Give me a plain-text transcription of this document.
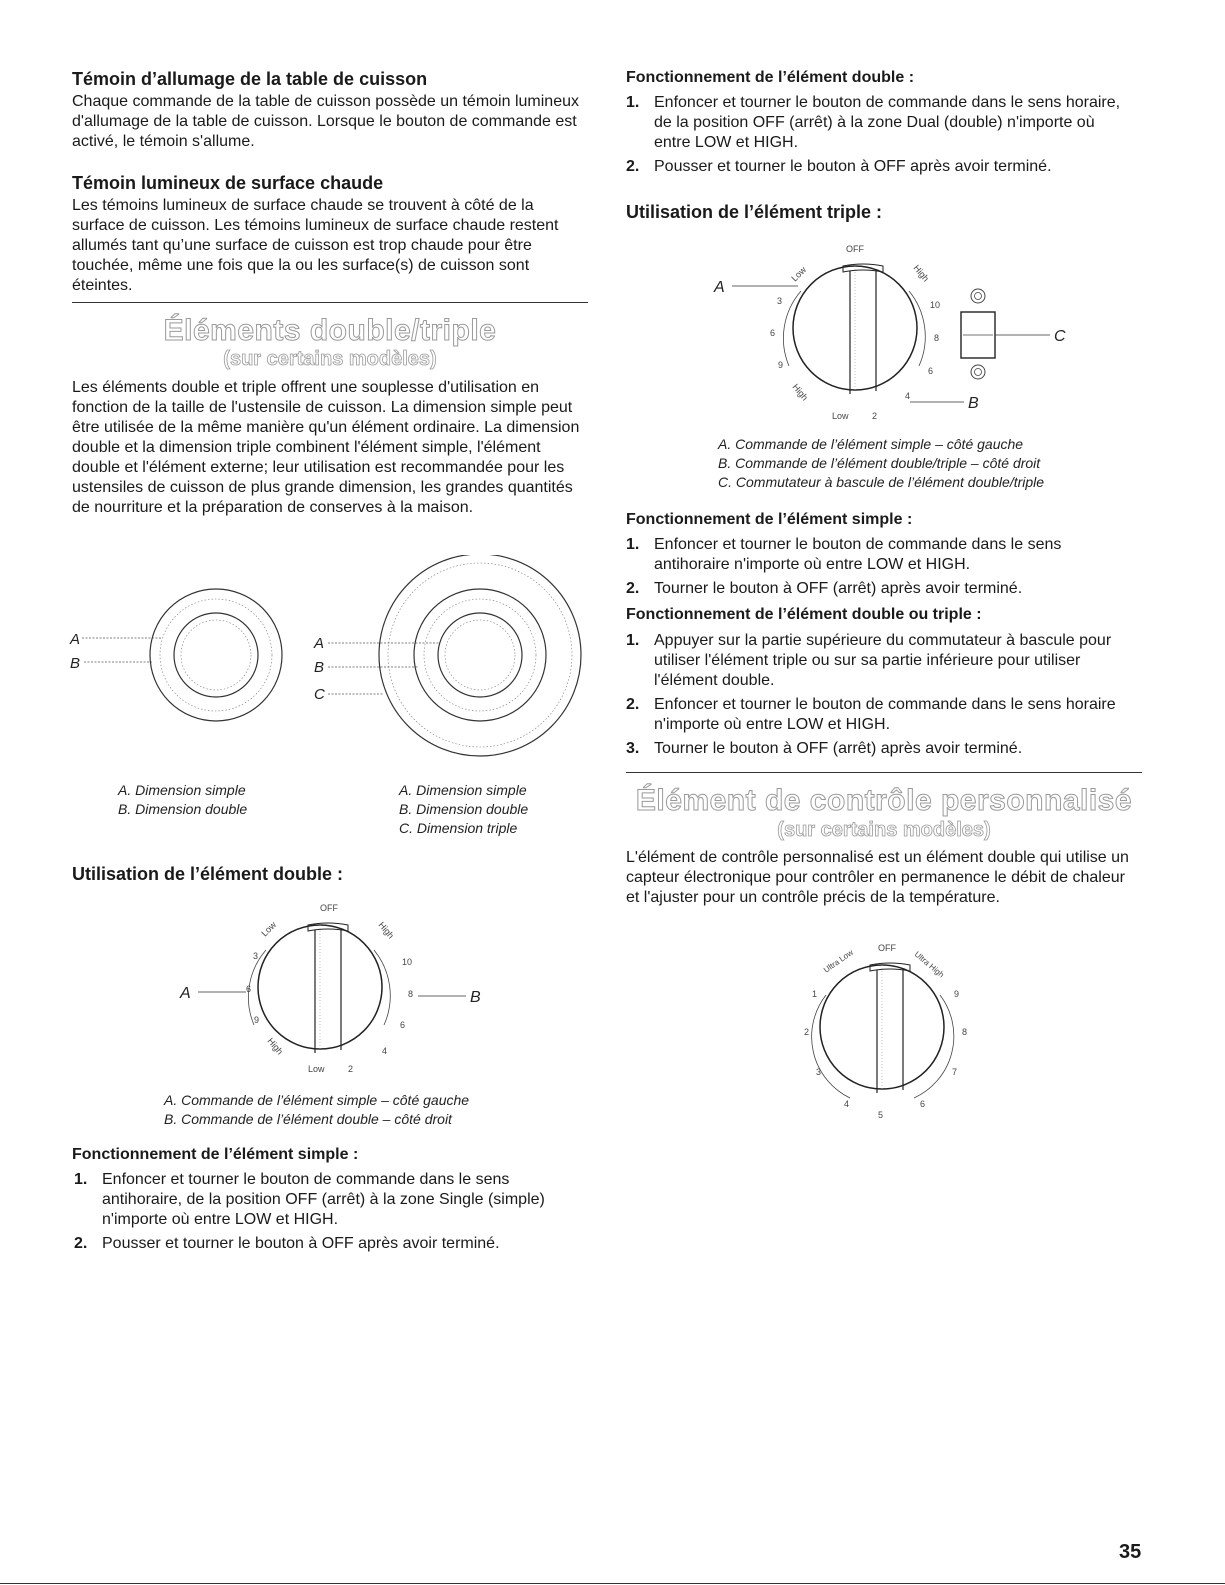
Témoin d’allumage de la table de cuisson

Chaque commande de la table de cuisson possède un témoin lumineux d'allumage de la table de cuisson. Lorsque le bouton de commande est activé, le témoin s'allume.

Témoin lumineux de surface chaude

Les témoins lumineux de surface chaude se trouvent à côté de la surface de cuisson. Les témoins lumineux de surface chaude restent allumés tant qu’une surface de cuisson est trop chaude pour être touchée, même une fois que la ou les surface(s) de cuisson sont éteintes.

Éléments double/triple
(sur certains modèles)

Les éléments double et triple offrent une souplesse d'utilisation en fonction de la taille de l'ustensile de cuisson. La dimension simple peut être utilisée de la même manière qu'un élément ordinaire. La dimension double et la dimension triple combinent l'élément simple, l'élément double et l'élément externe; leur utilisation est recommandée pour les ustensiles de cuisson de plus grande dimension, les grandes quantités de nourriture et la préparation de conserves à la maison.

A
B
A
B
C
A. Dimension simple
B. Dimension double
A. Dimension simple
B. Dimension double
C. Dimension triple
Utilisation de l’élément double :
OFF
Low	High
3
6
9
High
Low	2
4
6
8
10
A	B
A. Commande de l’élément simple – côté gauche
B. Commande de l’élément double – côté droit
Fonctionnement de l’élément simple :
1. Enfoncer et tourner le bouton de commande dans le sens antihoraire, de la position OFF (arrêt) à la zone Single (simple) n'importe où entre LOW et HIGH.
2. Pousser et tourner le bouton à OFF après avoir terminé.
Fonctionnement de l’élément double :
1. Enfoncer et tourner le bouton de commande dans le sens horaire, de la position OFF (arrêt) à la zone Dual (double) n'importe où entre LOW et HIGH.
2. Pousser et tourner le bouton à OFF après avoir terminé.
Utilisation de l’élément triple :
OFF
Low	High
3
6
9
High
Low	2
4
6
8
10
A
B
C
A. Commande de l’élément simple – côté gauche
B. Commande de l’élément double/triple – côté droit
C. Commutateur à bascule de l’élément double/triple
Fonctionnement de l’élément simple :
1. Enfoncer et tourner le bouton de commande dans le sens antihoraire n'importe où entre LOW et HIGH.
2. Tourner le bouton à OFF (arrêt) après avoir terminé.
Fonctionnement de l’élément double ou triple :
1. Appuyer sur la partie supérieure du commutateur à bascule pour utiliser l'élément triple ou sur sa partie inférieure pour utiliser l'élément double.
2. Enfoncer et tourner le bouton de commande dans le sens horaire n'importe où entre LOW et HIGH.
3. Tourner le bouton à OFF (arrêt) après avoir terminé.
Élément de contrôle personnalisé
(sur certains modèles)

L'élément de contrôle personnalisé est un élément double qui utilise un capteur électronique pour contrôler en permanence le débit de chaleur et l'ajuster pour un contrôle précis de la température.

OFF
Ultra Low	Ultra High
1
2
3
4
5
6
7
8
9
35
